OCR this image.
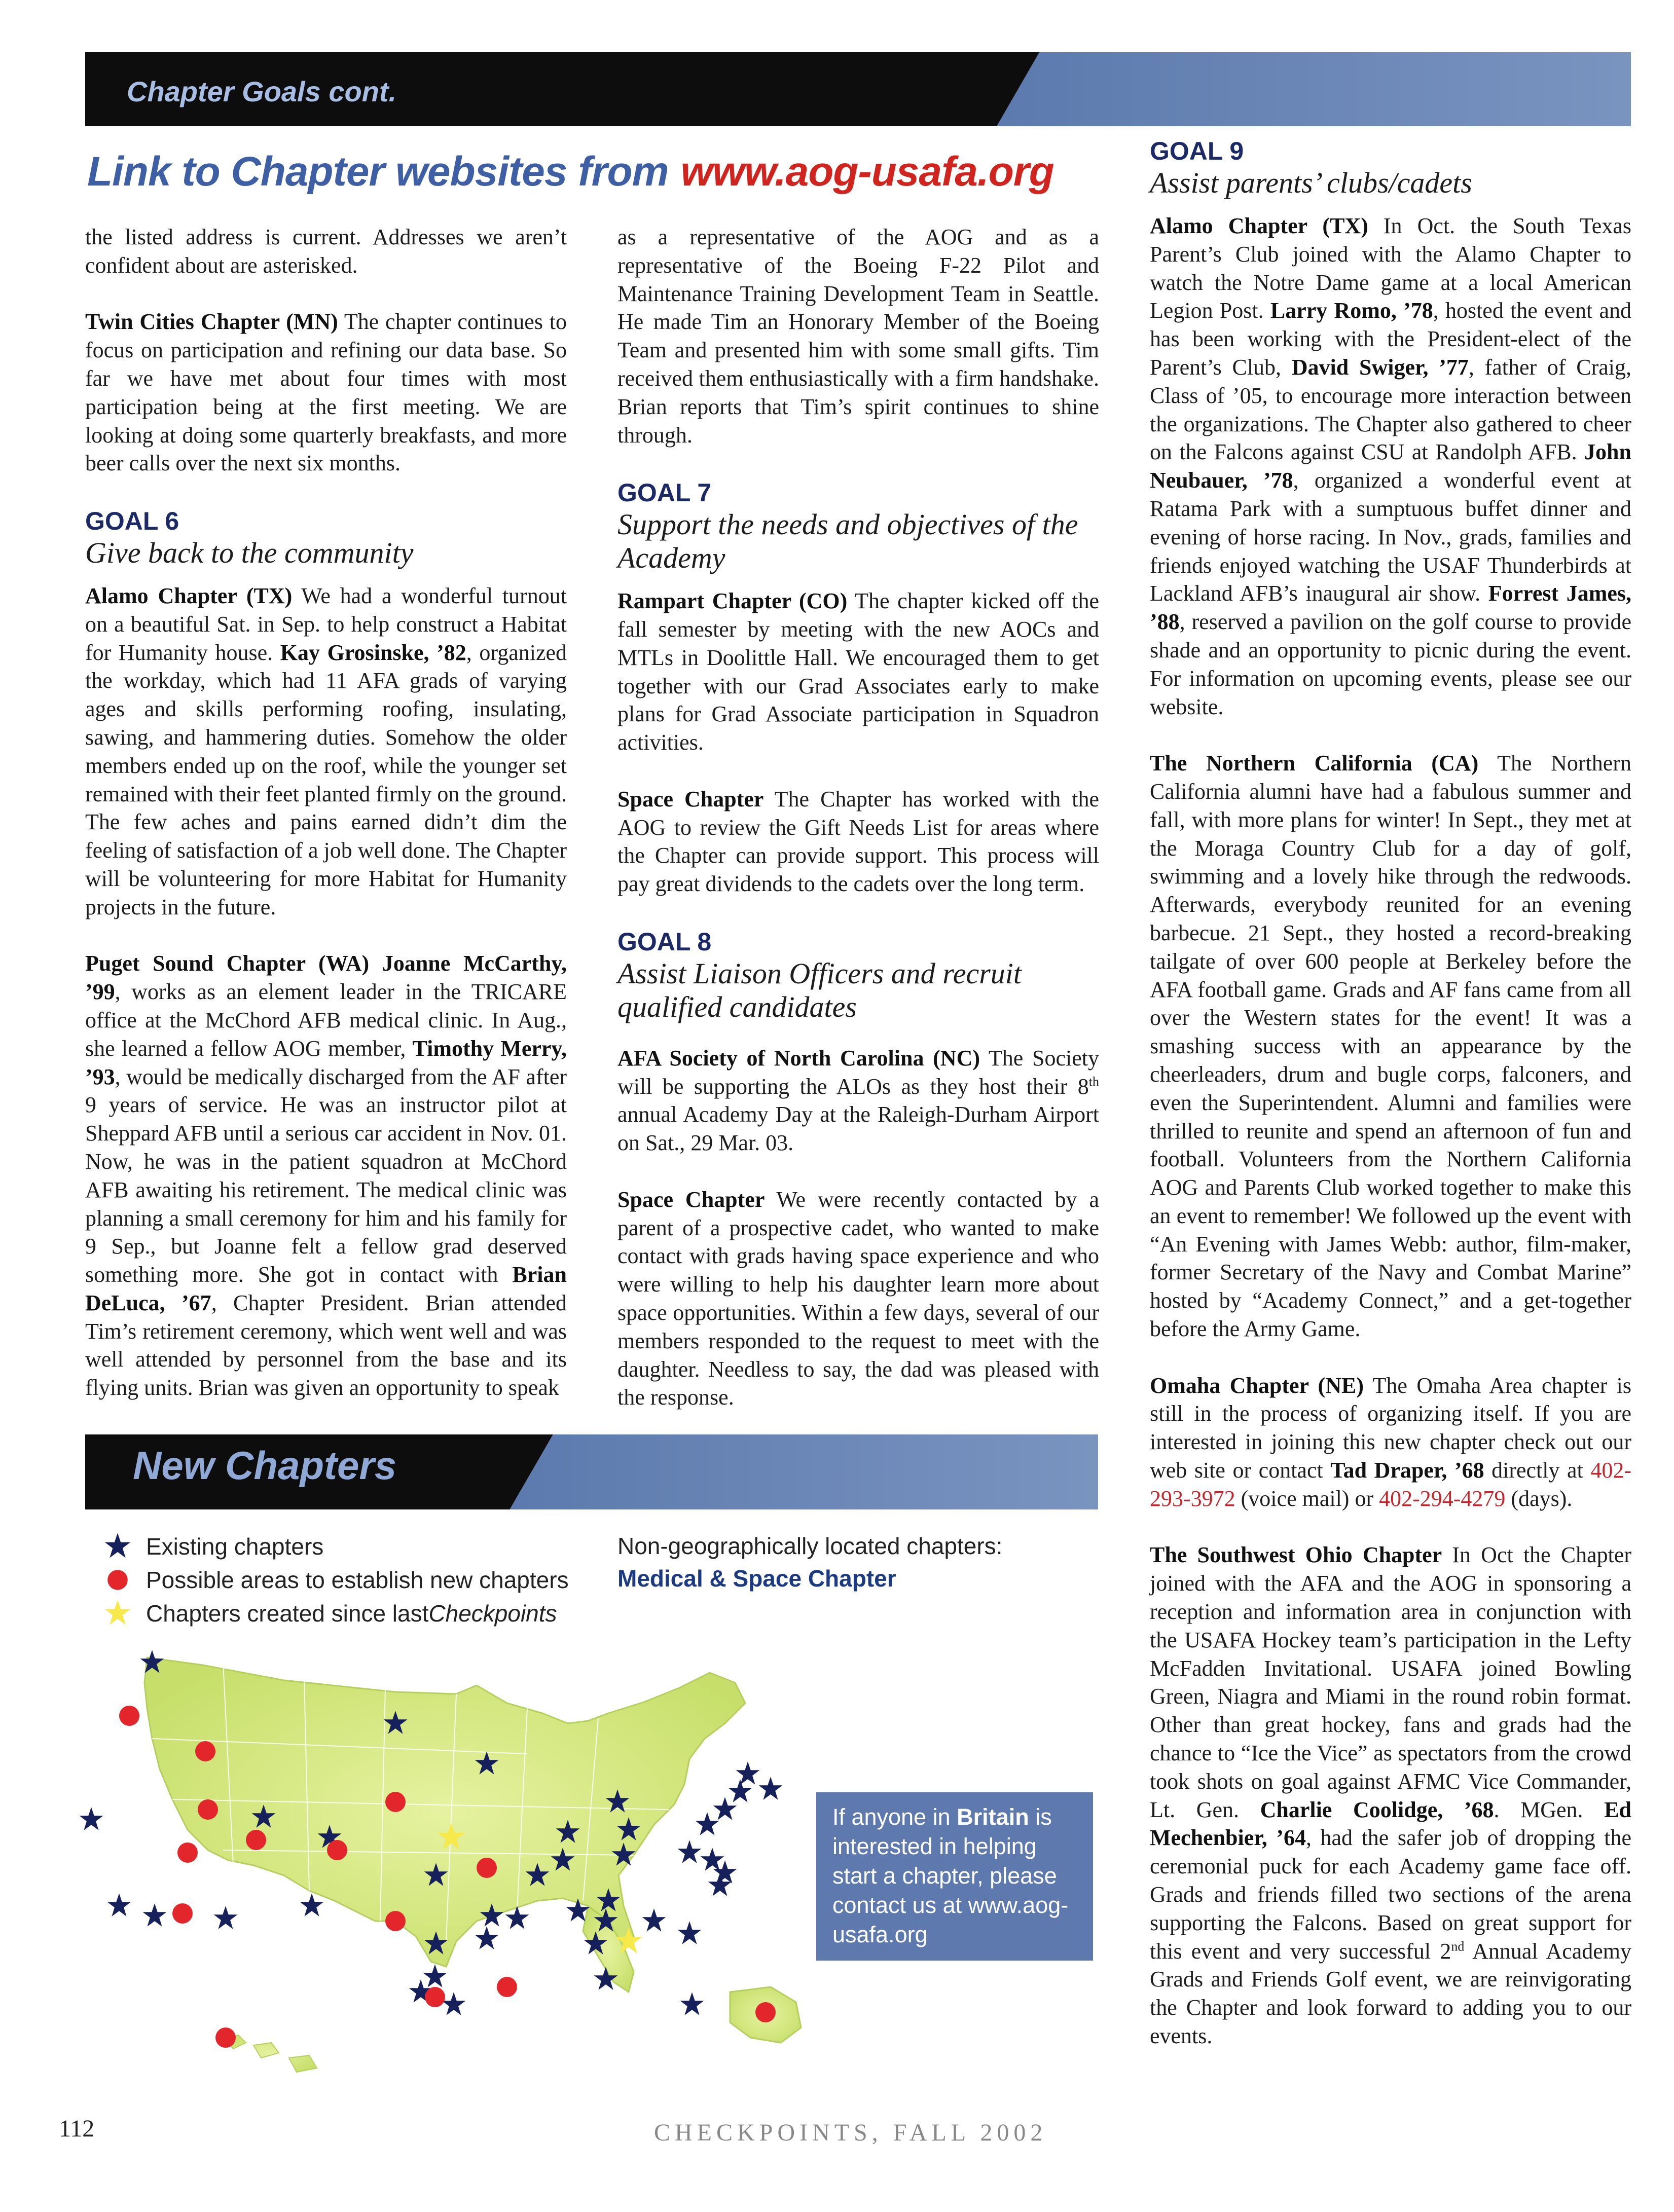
Chapter Goals cont.
Link to Chapter websites from www.aog-usafa.org

the listed address is current. Addresses we aren’t confident about are asterisked.

Twin Cities Chapter (MN) The chapter continues to focus on participation and refining our data base. So far we have met about four times with most participation being at the first meeting. We are looking at doing some quarterly breakfasts, and more beer calls over the next six months.

GOAL 6
Give back to the community

Alamo Chapter (TX) We had a wonderful turnout on a beautiful Sat. in Sep. to help construct a Habitat for Humanity house. Kay Grosinske, ’82, organized the workday, which had 11 AFA grads of varying ages and skills performing roofing, insulating, sawing, and hammering duties. Somehow the older members ended up on the roof, while the younger set remained with their feet planted firmly on the ground. The few aches and pains earned didn’t dim the feeling of satisfaction of a job well done. The Chapter will be volunteering for more Habitat for Humanity projects in the future.

Puget Sound Chapter (WA) Joanne McCarthy, ’99, works as an element leader in the TRICARE office at the McChord AFB medical clinic. In Aug., she learned a fellow AOG member, Timothy Merry, ’93, would be medically discharged from the AF after 9 years of service. He was an instructor pilot at Sheppard AFB until a serious car accident in Nov. 01. Now, he was in the patient squadron at McChord AFB awaiting his retirement. The medical clinic was planning a small ceremony for him and his family for 9 Sep., but Joanne felt a fellow grad deserved something more. She got in contact with Brian DeLuca, ’67, Chapter President. Brian attended Tim’s retirement ceremony, which went well and was well attended by personnel from the base and its flying units. Brian was given an opportunity to speak

as a representative of the AOG and as a representative of the Boeing F-22 Pilot and Maintenance Training Development Team in Seattle. He made Tim an Honorary Member of the Boeing Team and presented him with some small gifts. Tim received them enthusiastically with a firm handshake. Brian reports that Tim’s spirit continues to shine through.

GOAL 7
Support the needs and objectives of the Academy

Rampart Chapter (CO) The chapter kicked off the fall semester by meeting with the new AOCs and MTLs in Doolittle Hall. We encouraged them to get together with our Grad Associates early to make plans for Grad Associate participation in Squadron activities.

Space Chapter The Chapter has worked with the AOG to review the Gift Needs List for areas where the Chapter can provide support. This process will pay great dividends to the cadets over the long term.

GOAL 8
Assist Liaison Officers and recruit qualified candidates

AFA Society of North Carolina (NC) The Society will be supporting the ALOs as they host their 8th annual Academy Day at the Raleigh-Durham Airport on Sat., 29 Mar. 03.

Space Chapter We were recently contacted by a parent of a prospective cadet, who wanted to make contact with grads having space experience and who were willing to help his daughter learn more about space opportunities. Within a few days, several of our members responded to the request to meet with the daughter. Needless to say, the dad was pleased with the response.

GOAL 9
Assist parents’ clubs/cadets

Alamo Chapter (TX) In Oct. the South Texas Parent’s Club joined with the Alamo Chapter to watch the Notre Dame game at a local American Legion Post. Larry Romo, ’78, hosted the event and has been working with the President-elect of the Parent’s Club, David Swiger, ’77, father of Craig, Class of ’05, to encourage more interaction between the organizations. The Chapter also gathered to cheer on the Falcons against CSU at Randolph AFB. John Neubauer, ’78, organized a wonderful event at Ratama Park with a sumptuous buffet dinner and evening of horse racing. In Nov., grads, families and friends enjoyed watching the USAF Thunderbirds at Lackland AFB’s inaugural air show. Forrest James, ’88, reserved a pavilion on the golf course to provide shade and an opportunity to picnic during the event. For information on upcoming events, please see our website.

The Northern California (CA) The Northern California alumni have had a fabulous summer and fall, with more plans for winter! In Sept., they met at the Moraga Country Club for a day of golf, swimming and a lovely hike through the redwoods. Afterwards, everybody reunited for an evening barbecue. 21 Sept., they hosted a record-breaking tailgate of over 600 people at Berkeley before the AFA football game. Grads and AF fans came from all over the Western states for the event! It was a smashing success with an appearance by the cheerleaders, drum and bugle corps, falconers, and even the Superintendent. Alumni and families were thrilled to reunite and spend an afternoon of fun and football. Volunteers from the Northern California AOG and Parents Club worked together to make this an event to remember! We followed up the event with “An Evening with James Webb: author, film-maker, former Secretary of the Navy and Combat Marine” hosted by “Academy Connect,” and a get-together before the Army Game.

Omaha Chapter (NE) The Omaha Area chapter is still in the process of organizing itself. If you are interested in joining this new chapter check out our web site or contact Tad Draper, ’68 directly at 402-293-3972 (voice mail) or 402-294-4279 (days).

The Southwest Ohio Chapter In Oct the Chapter joined with the AFA and the AOG in sponsoring a reception and information area in conjunction with the USAFA Hockey team’s participation in the Lefty McFadden Invitational. USAFA joined Bowling Green, Niagra and Miami in the round robin format. Other than great hockey, fans and grads had the chance to “Ice the Vice” as spectators from the crowd took shots on goal against AFMC Vice Commander, Lt. Gen. Charlie Coolidge, ’68. MGen. Ed Mechenbier, ’64, had the safer job of dropping the ceremonial puck for each Academy game face off. Grads and friends filled two sections of the arena supporting the Falcons. Based on great support for this event and very successful 2nd Annual Academy Grads and Friends Golf event, we are reinvigorating the Chapter and look forward to adding you to our events.

New Chapters
Existing chapters
Possible areas to establish new chapters
Chapters created since last Checkpoints
Non-geographically located chapters:
Medical & Space Chapter
If anyone in Britain is interested in helping start a chapter, please contact us at www.aog-usafa.org
112	CHECKPOINTS, FALL 2002
